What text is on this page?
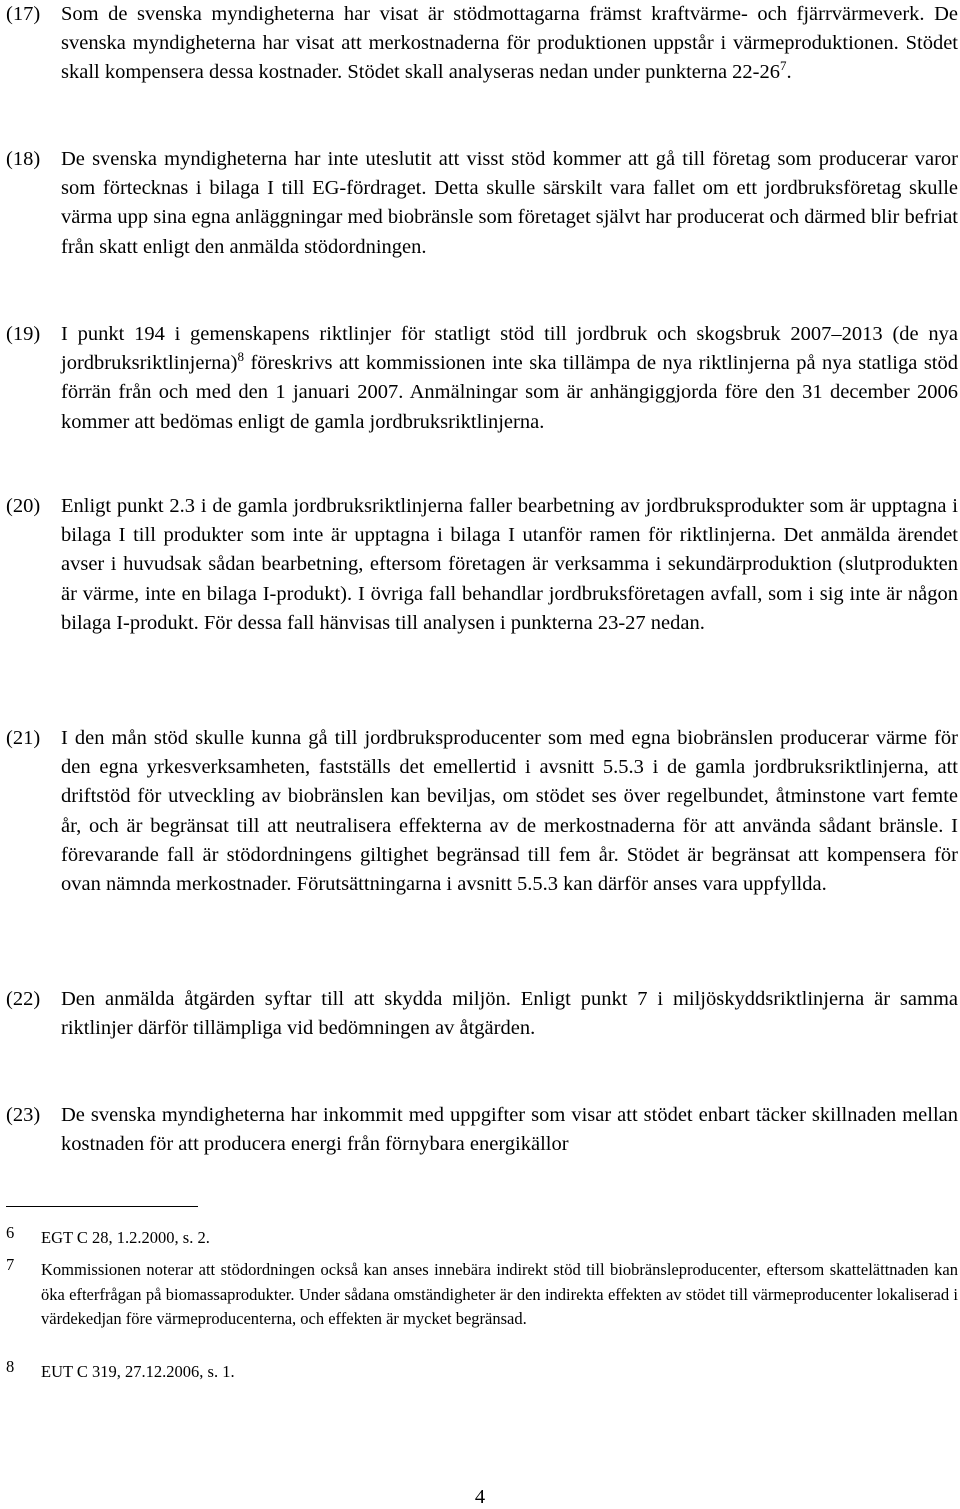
(17) Som de svenska myndigheterna har visat är stödmottagarna främst kraftvärme- och fjärrvärmeverk. De svenska myndigheterna har visat att merkostnaderna för produktionen uppstår i värmeproduktionen. Stödet skall kompensera dessa kostnader. Stödet skall analyseras nedan under punkterna $22-26^7$.
(18) De svenska myndigheterna har inte uteslutit att visst stöd kommer att gå till företag som producerar varor som förtecknas i bilaga I till EG-fördraget. Detta skulle särskilt vara fallet om ett jordbruksföretag skulle värma upp sina egna anläggningar med biobränsle som företaget självt har producerat och därmed blir befriat från skatt enligt den anmälda stödordningen.
(19) I punkt 194 i gemenskapens riktlinjer för statligt stöd till jordbruk och skogsbruk 2007–2013 (de nya jordbruksriktlinjerna)$^8$ föreskrivs att kommissionen inte ska tillämpa de nya riktlinjerna på nya statliga stöd förrän från och med den 1 januari 2007. Anmälningar som är anhängiggjorda före den 31 december 2006 kommer att bedömas enligt de gamla jordbruksriktlinjerna.
(20) Enligt punkt 2.3 i de gamla jordbruksriktlinjerna faller bearbetning av jordbruksprodukter som är upptagna i bilaga I till produkter som inte är upptagna i bilaga I utanför ramen för riktlinjerna. Det anmälda ärendet avser i huvudsak sådan bearbetning, eftersom företagen är verksamma i sekundärproduktion (slutprodukten är värme, inte en bilaga I-produkt). I övriga fall behandlar jordbruksföretagen avfall, som i sig inte är någon bilaga I-produkt. För dessa fall hänvisas till analysen i punkterna 23-27 nedan.
(21) I den mån stöd skulle kunna gå till jordbruksproducenter som med egna biobränslen producerar värme för den egna yrkesverksamheten, fastställs det emellertid i avsnitt 5.5.3 i de gamla jordbruksriktlinjerna, att driftstöd för utveckling av biobränslen kan beviljas, om stödet ses över regelbundet, åtminstone vart femte år, och är begränsat till att neutralisera effekterna av de merkostnaderna för att använda sådant bränsle. I förevarande fall är stödordningens giltighet begränsad till fem år. Stödet är begränsat att kompensera för ovan nämnda merkostnader. Förutsättningarna i avsnitt 5.5.3 kan därför anses vara uppfyllda.
(22) Den anmälda åtgärden syftar till att skydda miljön. Enligt punkt 7 i miljöskyddsriktlinjerna är samma riktlinjer därför tillämpliga vid bedömningen av åtgärden.
(23) De svenska myndigheterna har inkommit med uppgifter som visar att stödet enbart täcker skillnaden mellan kostnaden för att producera energi från förnybara energikällor
6 EGT C 28, 1.2.2000, s. 2.
7 Kommissionen noterar att stödordningen också kan anses innebära indirekt stöd till biobränsleproducenter, eftersom skattelättnaden kan öka efterfrågan på biomassaprodukter. Under sådana omständigheter är den indirekta effekten av stödet till värmeproducenter lokaliserad i värdekedjan före värmeproducenterna, och effekten är mycket begränsad.
8 EUT C 319, 27.12.2006, s. 1.
4
